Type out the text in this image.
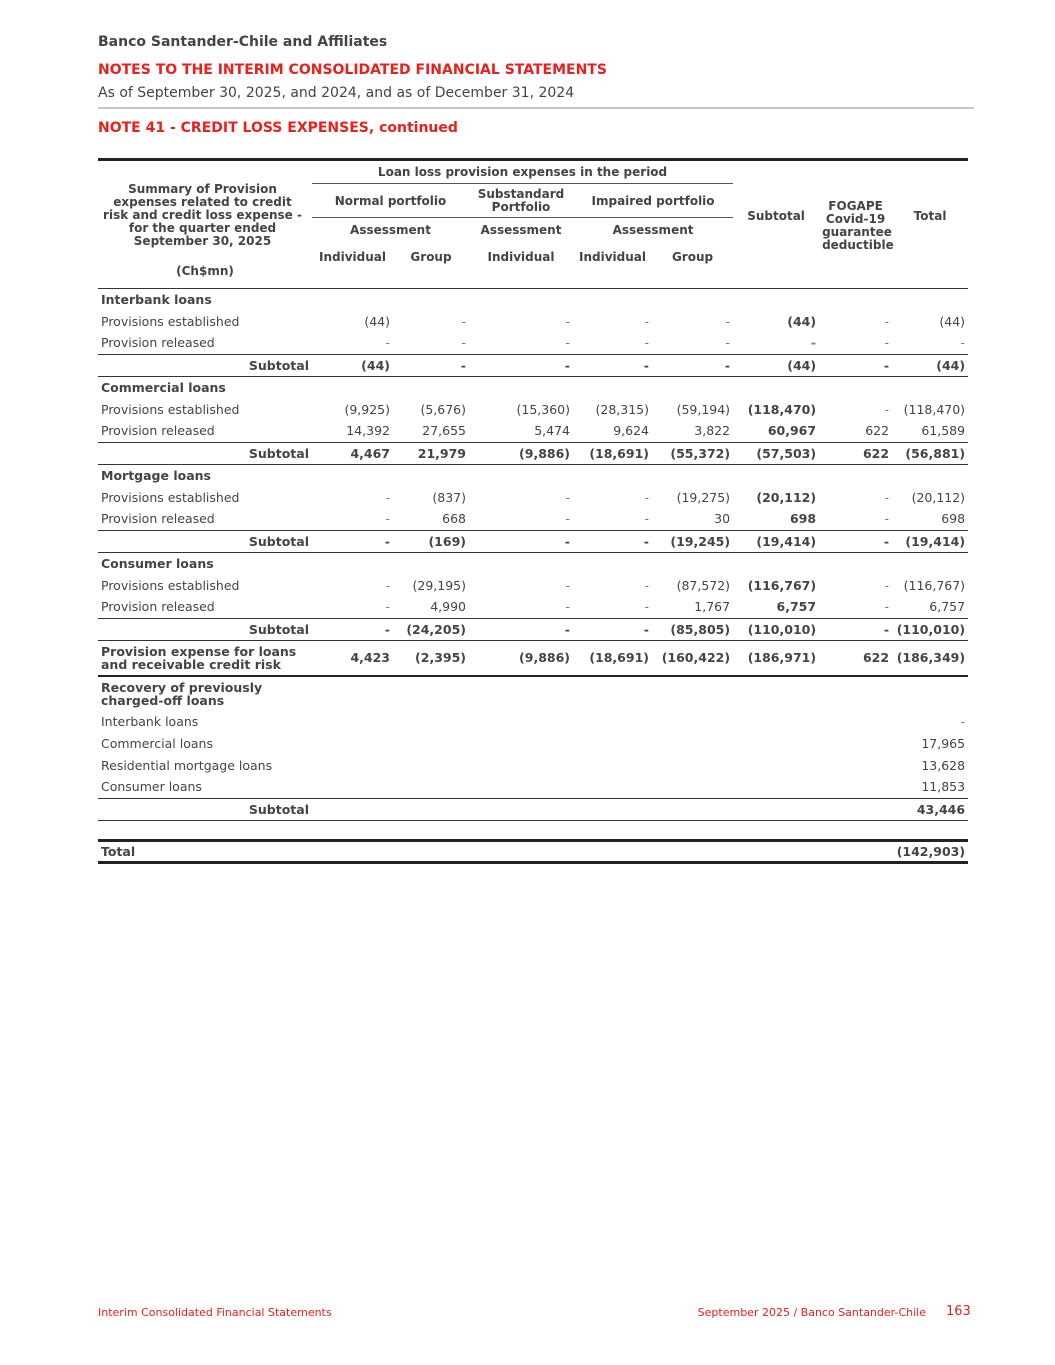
Banco Santander-Chile and Affiliates
NOTES TO THE INTERIM CONSOLIDATED FINANCIAL STATEMENTS
As of September 30, 2025, and 2024, and as of December 31, 2024
NOTE 41 - CREDIT LOSS EXPENSES, continued
Summary of Provision expenses related to credit risk and credit loss expense - for the quarter ended September 30, 2025	Loan loss provision expenses in the period					Subtotal	FOGAPE Covid-19 guarantee deductible	Total
	Normal portfolio		Substandard Portfolio	Impaired portfolio				
	Assessment		Assessment	Assessment				
	Individual	Group	Individual	Individual	Group			
(Ch$mn)								
Interbank loans								
Provisions established	(44)	-	-	-	-	(44)	-	(44)
Provision released	-	-	-	-	-	-	-	-
Subtotal	(44)	-	-	-	-	(44)	-	(44)
Commercial loans								
Provisions established	(9,925)	(5,676)	(15,360)	(28,315)	(59,194)	(118,470)	-	(118,470)
Provision released	14,392	27,655	5,474	9,624	3,822	60,967	622	61,589
Subtotal	4,467	21,979	(9,886)	(18,691)	(55,372)	(57,503)	622	(56,881)
Mortgage loans								
Provisions established	-	(837)	-	-	(19,275)	(20,112)	-	(20,112)
Provision released	-	668	-	-	30	698	-	698
Subtotal	-	(169)	-	-	(19,245)	(19,414)	-	(19,414)
Consumer loans								
Provisions established	-	(29,195)	-	-	(87,572)	(116,767)	-	(116,767)
Provision released	-	4,990	-	-	1,767	6,757	-	6,757
Subtotal	-	(24,205)	-	-	(85,805)	(110,010)	-	(110,010)
Provision expense for loans and receivable credit risk	4,423	(2,395)	(9,886)	(18,691)	(160,422)	(186,971)	622	(186,349)
Recovery of previously charged-off loans								
Interbank loans								-
Commercial loans								17,965
Residential mortgage loans								13,628
Consumer loans								11,853
Subtotal								43,446

Total								(142,903)
Interim Consolidated Financial Statements	September 2025 / Banco Santander-Chile 163
